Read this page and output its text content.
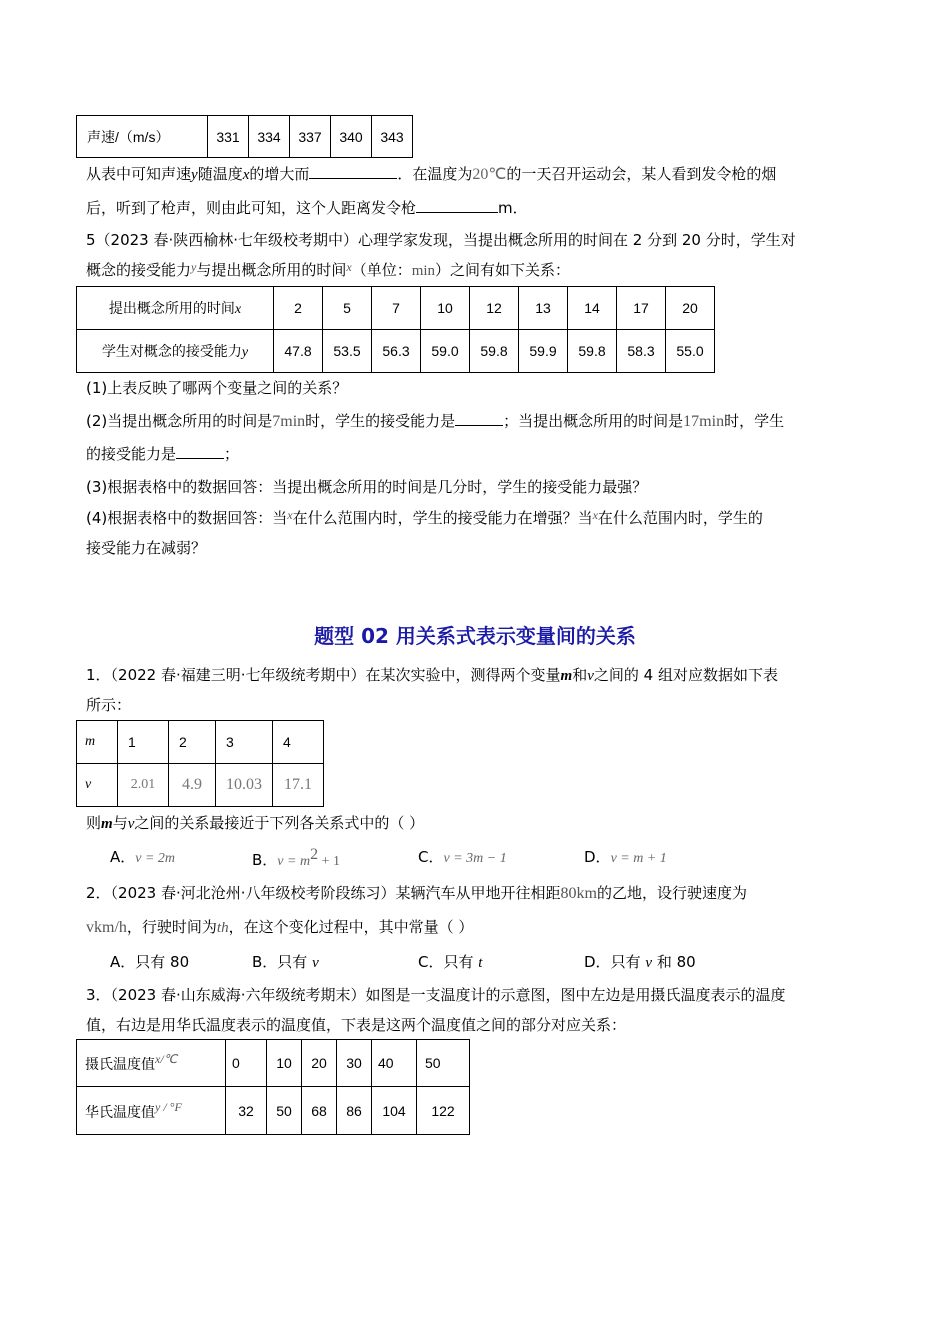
声速/（m/s）	331	334	337	340	343
从表中可知声速y随温度x的增大而	．在温度为20℃的一天召开运动会，某人看到发令枪的烟
后，听到了枪声，则由此可知，这个人距离发令枪	m．
5（2023 春·陕西榆林·七年级校考期中）心理学家发现，当提出概念所用的时间在 2 分到 20 分时，学生对
概念的接受能力$^y$与提出概念所用的时间$^x$（单位：min）之间有如下关系：
提出概念所用的时间x	2	5	7	10	12	13	14	17	20
学生对概念的接受能力y	47.8	53.5	56.3	59.0	59.8	59.9	59.8	58.3	55.0
(1)上表反映了哪两个变量之间的关系？
(2)当提出概念所用的时间是7min时，学生的接受能力是	；当提出概念所用的时间是17min时，学生
的接受能力是	；
(3)根据表格中的数据回答：当提出概念所用的时间是几分时，学生的接受能力最强？
(4)根据表格中的数据回答：当$^x$在什么范围内时，学生的接受能力在增强？当$^x$在什么范围内时，学生的
接受能力在减弱？
题型 02 用关系式表示变量间的关系
1．（2022 春·福建三明·七年级统考期中）在某次实验中，测得两个变量m和v之间的 4 组对应数据如下表
所示：
m	1	2	3	4
v	2.01	4.9	10.03	17.1
则m与v之间的关系最接近于下列各关系式中的（ ）
A．v = 2m	B．$v = m^2 + 1$	C．v = 3m − 1	D．v = m + 1
2．（2023 春·河北沧州·八年级校考阶段练习）某辆汽车从甲地开往相距80km的乙地，设行驶速度为
vkm/h，行驶时间为th，在这个变化过程中，其中常量（ ）
A．只有 80	B．只有 v	C．只有 t	D．只有 v 和 80
3．（2023 春·山东威海·六年级统考期末）如图是一支温度计的示意图，图中左边是用摄氏温度表示的温度
值，右边是用华氏温度表示的温度值，下表是这两个温度值之间的部分对应关系：
摄氏温度值x/℃	0	10	20	30	40	50
华氏温度值y / °F	32	50	68	86	104	122
